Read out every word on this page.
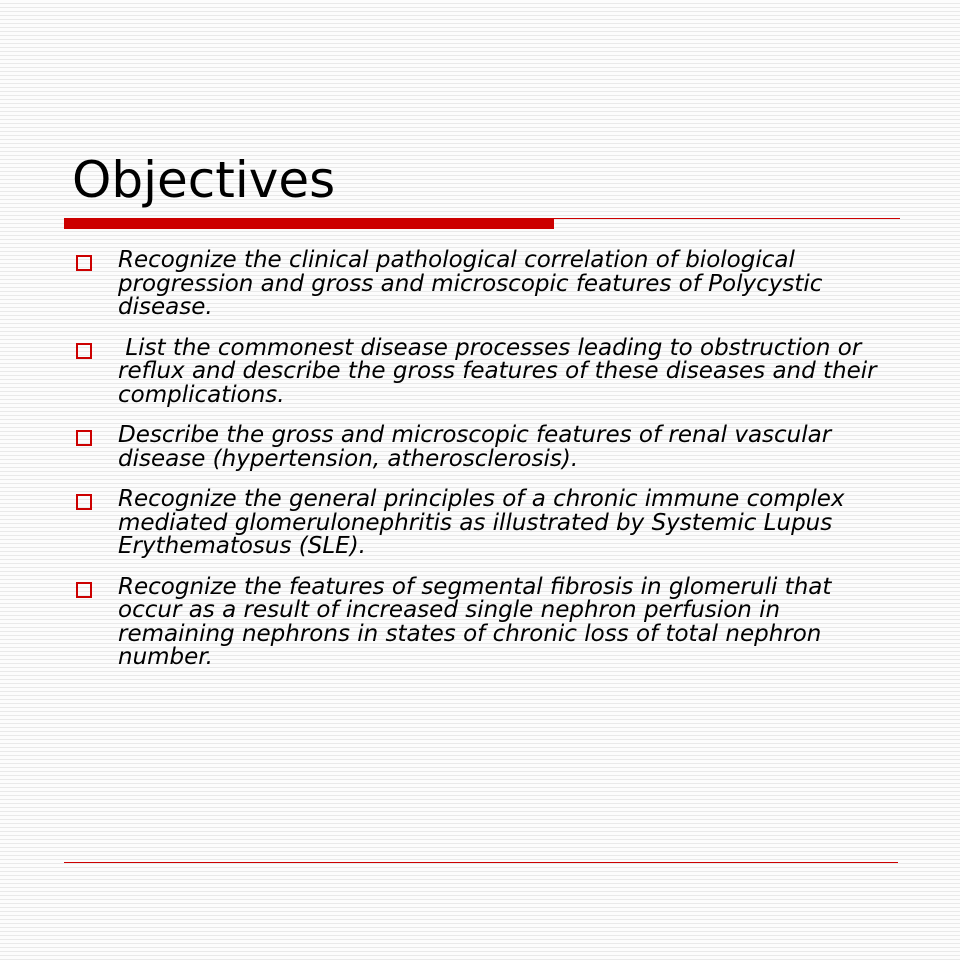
Objectives
Recognize the clinical pathological correlation of biological progression and gross and microscopic features of Polycystic disease.
List the commonest disease processes leading to obstruction or reflux and describe the gross features of these diseases and their complications.
Describe the gross and microscopic features of renal vascular disease (hypertension, atherosclerosis).
Recognize the general principles of a chronic immune complex mediated glomerulonephritis as illustrated by Systemic Lupus Erythematosus (SLE).
Recognize the features of segmental fibrosis in glomeruli that occur as a result of increased single nephron perfusion in remaining nephrons in states of chronic loss of total nephron number.
